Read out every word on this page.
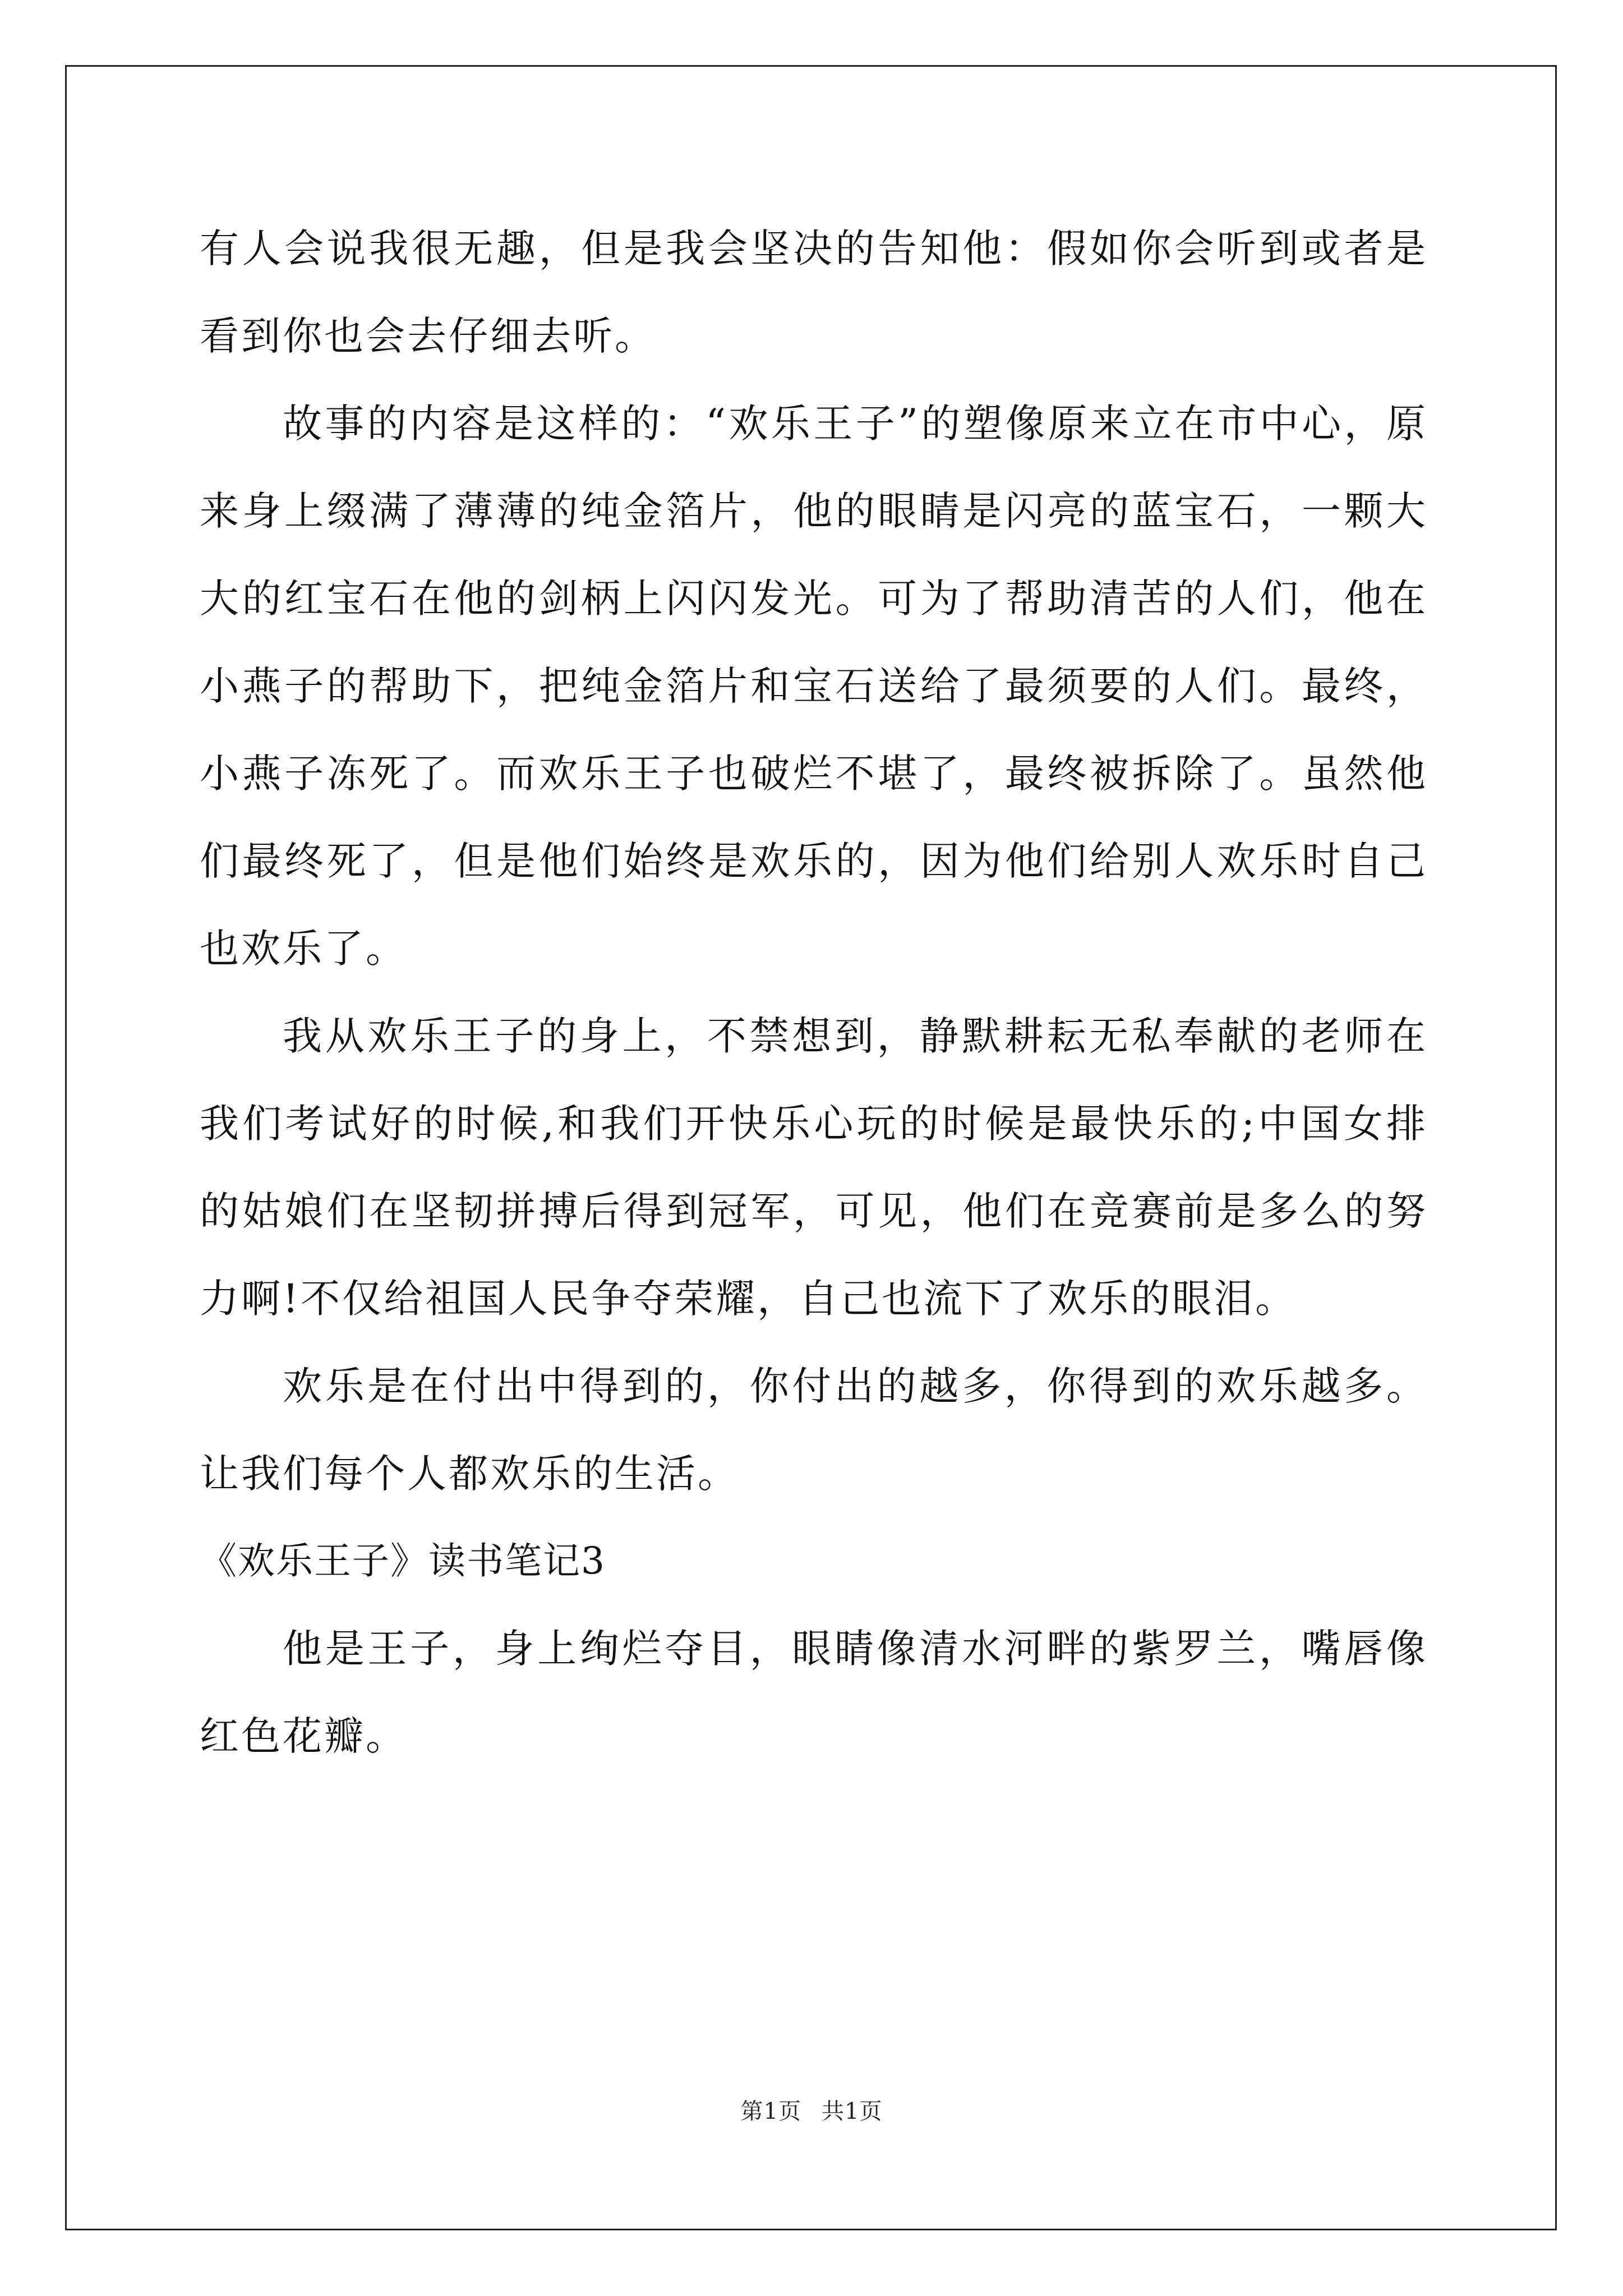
有人会说我很无趣，但是我会坚决的告知他：假如你会听到或者是看到你也会去仔细去听。

故事的内容是这样的：“欢乐王子”的塑像原来立在市中心，原来身上缀满了薄薄的纯金箔片，他的眼睛是闪亮的蓝宝石，一颗大大的红宝石在他的剑柄上闪闪发光。可为了帮助清苦的人们，他在小燕子的帮助下，把纯金箔片和宝石送给了最须要的人们。最终，小燕子冻死了。而欢乐王子也破烂不堪了，最终被拆除了。虽然他们最终死了，但是他们始终是欢乐的，因为他们给别人欢乐时自己也欢乐了。

我从欢乐王子的身上，不禁想到，静默耕耘无私奉献的老师在我们考试好的时候,和我们开快乐心玩的时候是最快乐的;中国女排的姑娘们在坚韧拼搏后得到冠军，可见，他们在竞赛前是多么的努力啊!不仅给祖国人民争夺荣耀，自己也流下了欢乐的眼泪。

欢乐是在付出中得到的，你付出的越多，你得到的欢乐越多。让我们每个人都欢乐的生活。

《欢乐王子》读书笔记3

他是王子，身上绚烂夺目，眼睛像清水河畔的紫罗兰，嘴唇像红色花瓣。

第1页 共1页
